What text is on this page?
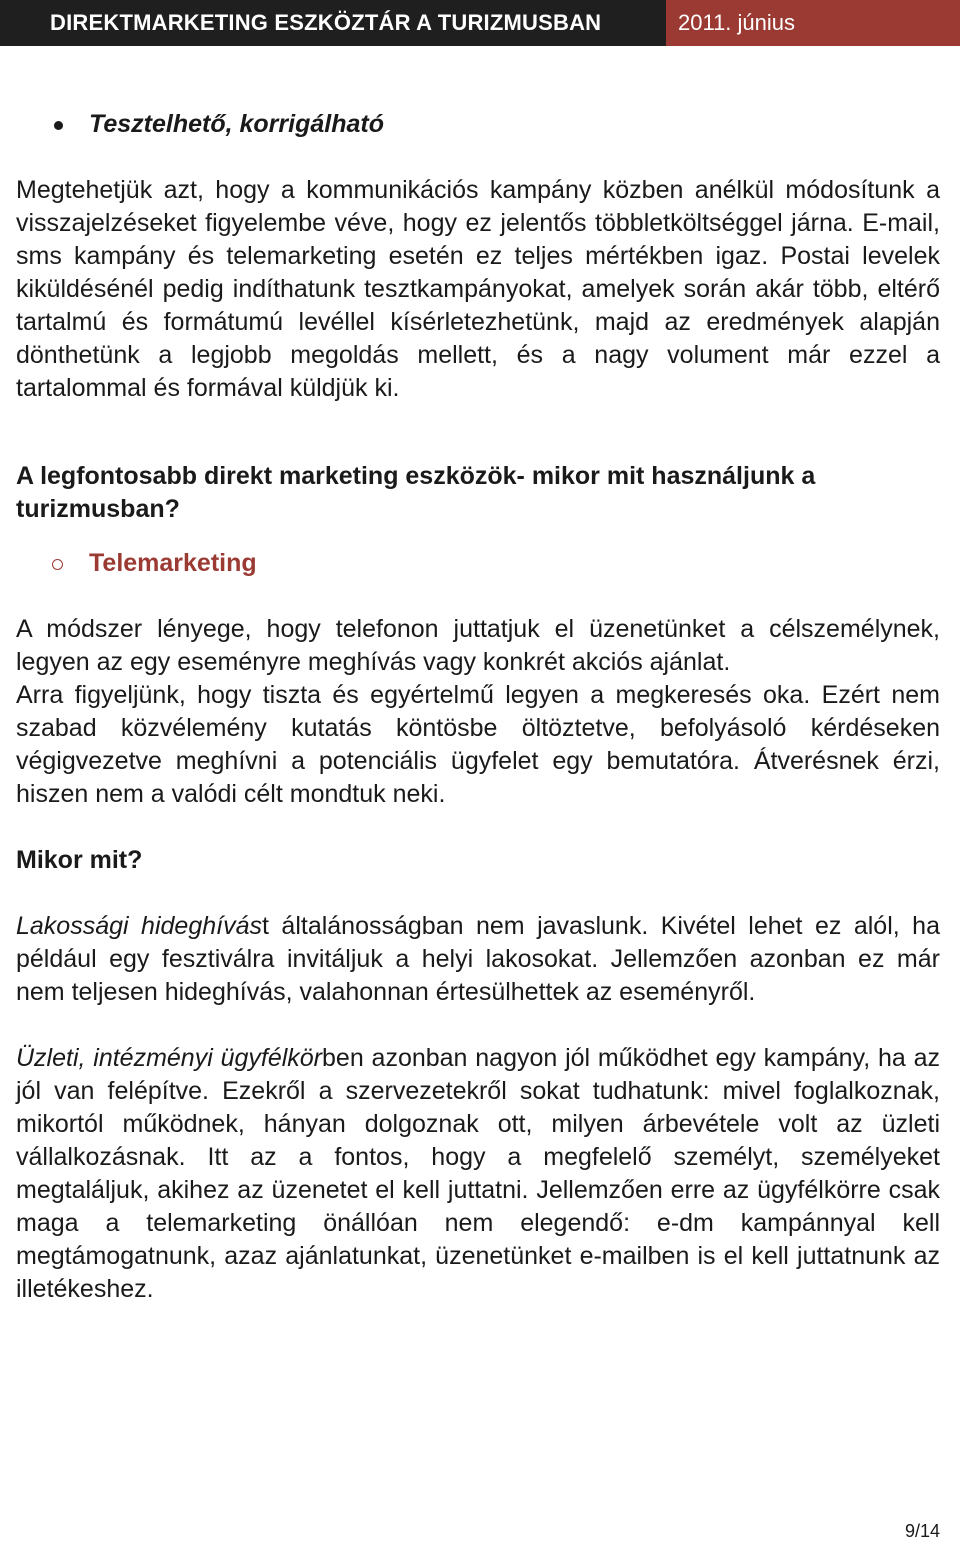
DIREKTMARKETING ESZKÖZTÁR A TURIZMUSBAN	2011. június
Tesztelhető, korrigálható

Megtehetjük azt, hogy a kommunikációs kampány közben anélkül módosítunk a visszajelzéseket figyelembe véve, hogy ez jelentős többletköltséggel járna. E-mail, sms kampány és telemarketing esetén ez teljes mértékben igaz. Postai levelek kiküldésénél pedig indíthatunk tesztkampányokat, amelyek során akár több, eltérő tartalmú és formátumú levéllel kísérletezhetünk, majd az eredmények alapján dönthetünk a legjobb megoldás mellett, és a nagy volument már ezzel a tartalommal és formával küldjük ki.

A legfontosabb direkt marketing eszközök- mikor mit használjunk a turizmusban?
Telemarketing

A módszer lényege, hogy telefonon juttatjuk el üzenetünket a célszemélynek, legyen az egy eseményre meghívás vagy konkrét akciós ajánlat.

Arra figyeljünk, hogy tiszta és egyértelmű legyen a megkeresés oka. Ezért nem szabad közvélemény kutatás köntösbe öltöztetve, befolyásoló kérdéseken végigvezetve meghívni a potenciális ügyfelet egy bemutatóra. Átverésnek érzi, hiszen nem a valódi célt mondtuk neki.

Mikor mit?

Lakossági hideghívást általánosságban nem javaslunk. Kivétel lehet ez alól, ha például egy fesztiválra invitáljuk a helyi lakosokat. Jellemzően azonban ez már nem teljesen hideghívás, valahonnan értesülhettek az eseményről.

Üzleti, intézményi ügyfélkörben azonban nagyon jól működhet egy kampány, ha az jól van felépítve. Ezekről a szervezetekről sokat tudhatunk: mivel foglalkoznak, mikortól működnek, hányan dolgoznak ott, milyen árbevétele volt az üzleti vállalkozásnak. Itt az a fontos, hogy a megfelelő személyt, személyeket megtaláljuk, akihez az üzenetet el kell juttatni. Jellemzően erre az ügyfélkörre csak maga a telemarketing önállóan nem elegendő: e-dm kampánnyal kell megtámogatnunk, azaz ajánlatunkat, üzenetünket e-mailben is el kell juttatnunk az illetékeshez.

9/14
